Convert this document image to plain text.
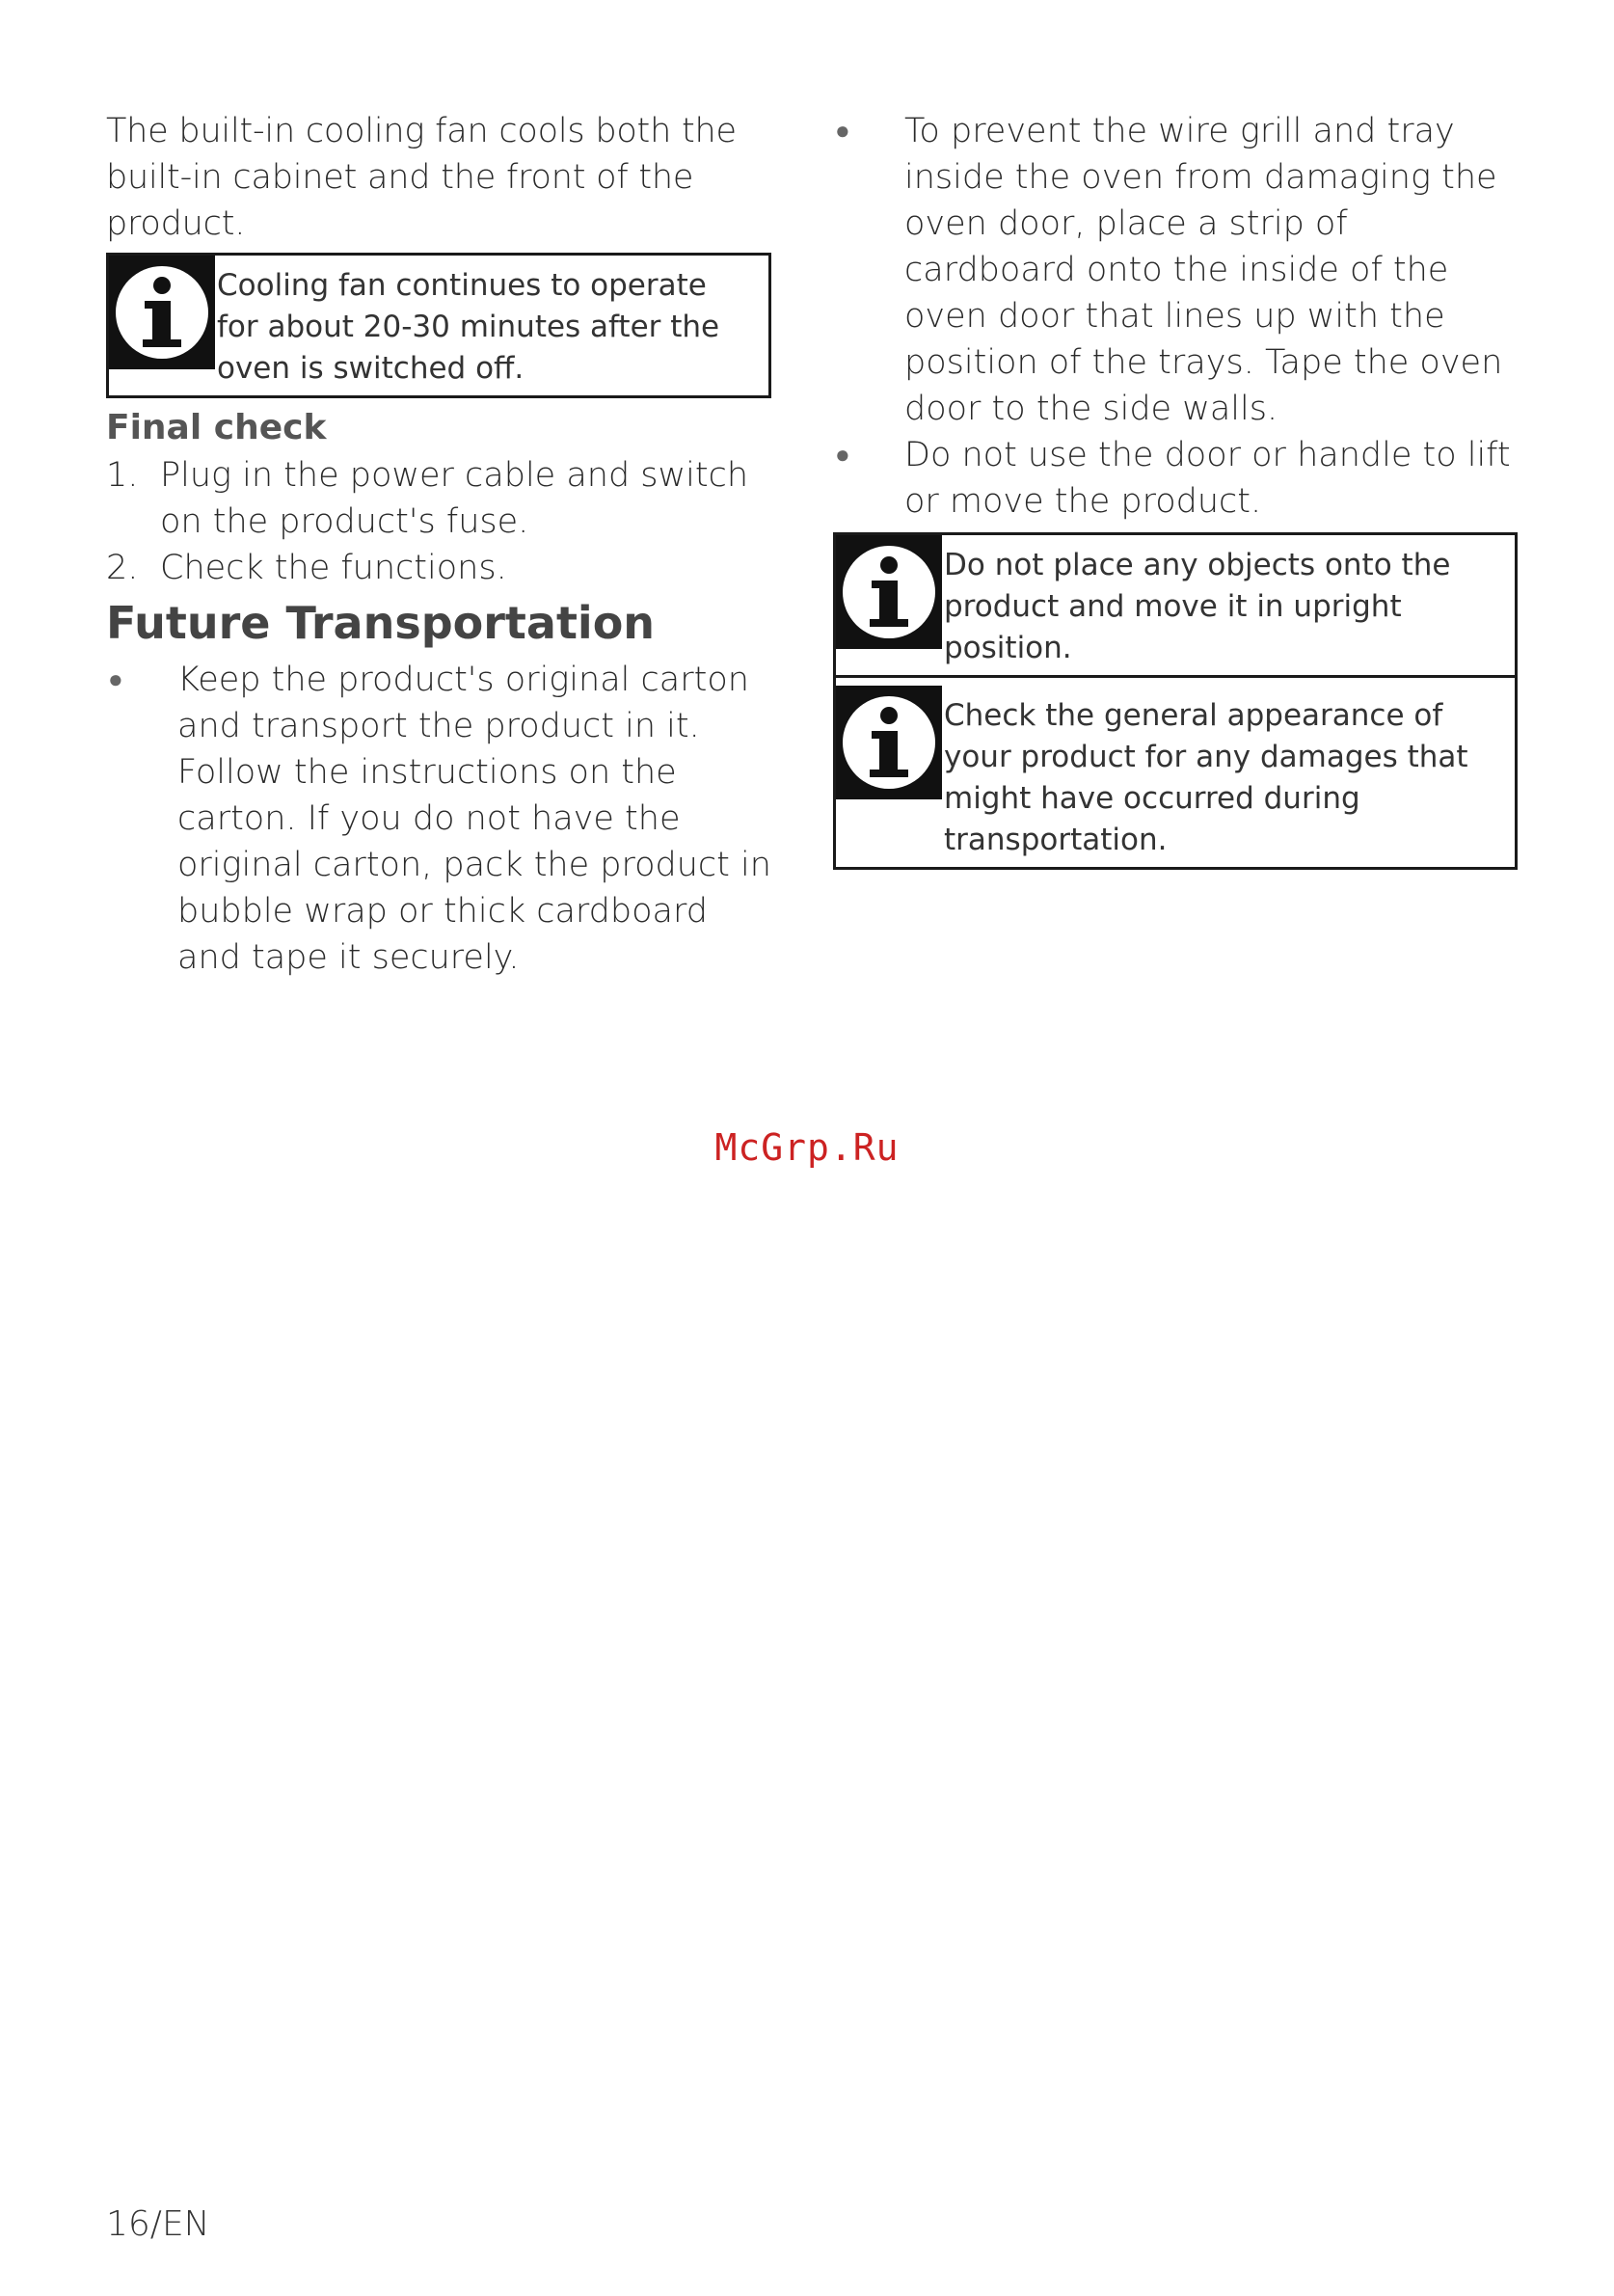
The built-in cooling fan cools both the built-in cabinet and the front of the product.

Cooling fan continues to operate for about 20-30 minutes after the oven is switched off.
Final check
1. Plug in the power cable and switch on the product's fuse.
2. Check the functions.
Future Transportation
●	Keep the product's original carton and transport the product in it. Follow the instructions on the carton. If you do not have the original carton, pack the product in bubble wrap or thick cardboard and tape it securely.
●	To prevent the wire grill and tray inside the oven from damaging the oven door, place a strip of cardboard onto the inside of the oven door that lines up with the position of the trays. Tape the oven door to the side walls.
●	Do not use the door or handle to lift or move the product.
Do not place any objects onto the product and move it in upright position.
Check the general appearance of your product for any damages that might have occurred during transportation.
McGrp.Ru
16/EN
